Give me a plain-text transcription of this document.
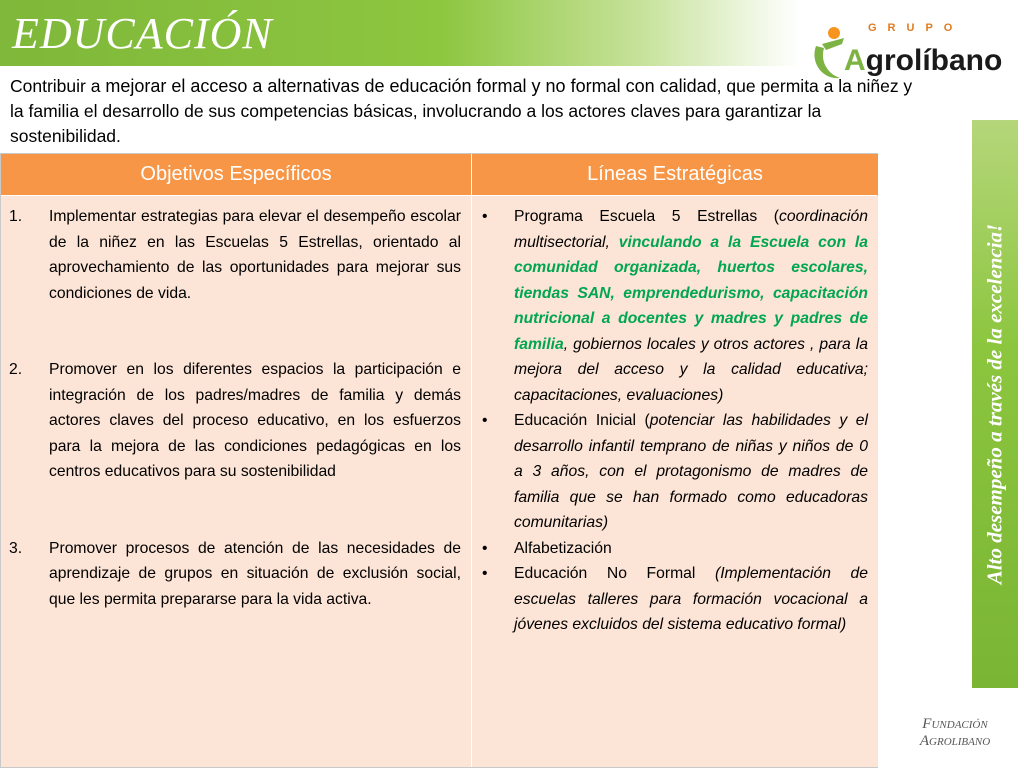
EDUCACIÓN	GRUPO
Agrolíbano
Contribuir a mejorar el acceso a alternativas de educación formal y no formal con calidad, que permita a la niñez y la familia el desarrollo de sus competencias básicas, involucrando a los actores claves para garantizar la sostenibilidad.
Objetivos Específicos	Líneas Estratégicas
1.	Implementar estrategias para elevar el desempeño escolar de la niñez en las Escuelas 5 Estrellas, orientado al aprovechamiento de las oportunidades para mejorar sus condiciones de vida.
2.	Promover en los diferentes espacios la participación e integración de los padres/madres de familia y demás actores claves del proceso educativo, en los esfuerzos para la mejora de las condiciones pedagógicas en los centros educativos para su sostenibilidad
3.	Promover procesos de atención de las necesidades de aprendizaje de grupos en situación de exclusión social, que les permita prepararse para la vida activa.
•	Programa Escuela 5 Estrellas (coordinación multisectorial, vinculando a la Escuela con la comunidad organizada, huertos escolares, tiendas SAN, emprendedurismo, capacitación nutricional a docentes y madres y padres de familia, gobiernos locales y otros actores , para la mejora del acceso y la calidad educativa; capacitaciones, evaluaciones)
•	Educación Inicial (potenciar las habilidades y el desarrollo infantil temprano de niñas y niños de 0 a 3 años, con el protagonismo de madres de familia que se han formado como educadoras comunitarias)
•	Alfabetización
•	Educación No Formal (Implementación de escuelas talleres para formación vocacional a jóvenes excluidos del sistema educativo formal)
Alto desempeño a través de la excelencia!
FUNDACIÓN
AGROLIBANO
